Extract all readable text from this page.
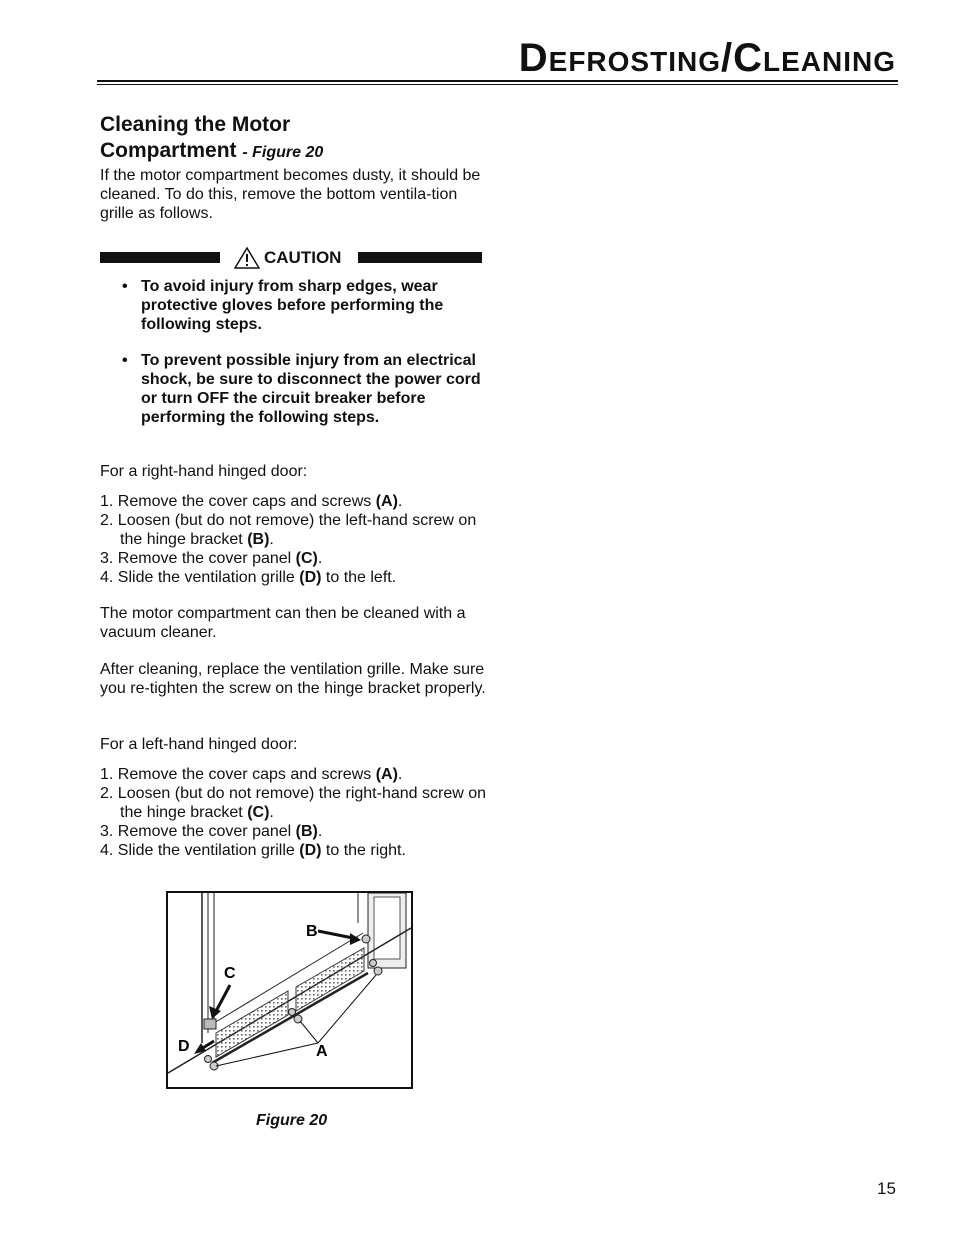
Defrosting/Cleaning
Cleaning the Motor
Compartment - Figure 20

If the motor compartment becomes dusty, it should be cleaned. To do this, remove the bottom ventila-tion grille as follows.

CAUTION
• To avoid injury from sharp edges, wear protective gloves before performing the following steps.
• To prevent possible injury from an electrical shock, be sure to disconnect the power cord or turn OFF the circuit breaker before performing the following steps.

For a right-hand hinged door:

1. Remove the cover caps and screws (A).
2. Loosen (but do not remove) the left-hand screw on the hinge bracket (B).
3. Remove the cover panel (C).
4. Slide the ventilation grille (D) to the left.

The motor compartment can then be cleaned with a vacuum cleaner.

After cleaning, replace the ventilation grille. Make sure you re-tighten the screw on the hinge bracket properly.

For a left-hand hinged door:

1. Remove the cover caps and screws (A).
2. Loosen (but do not remove) the right-hand screw on the hinge bracket (C).
3. Remove the cover panel (B).
4. Slide the ventilation grille (D) to the right.
B
C
D	A
Figure 20
15
